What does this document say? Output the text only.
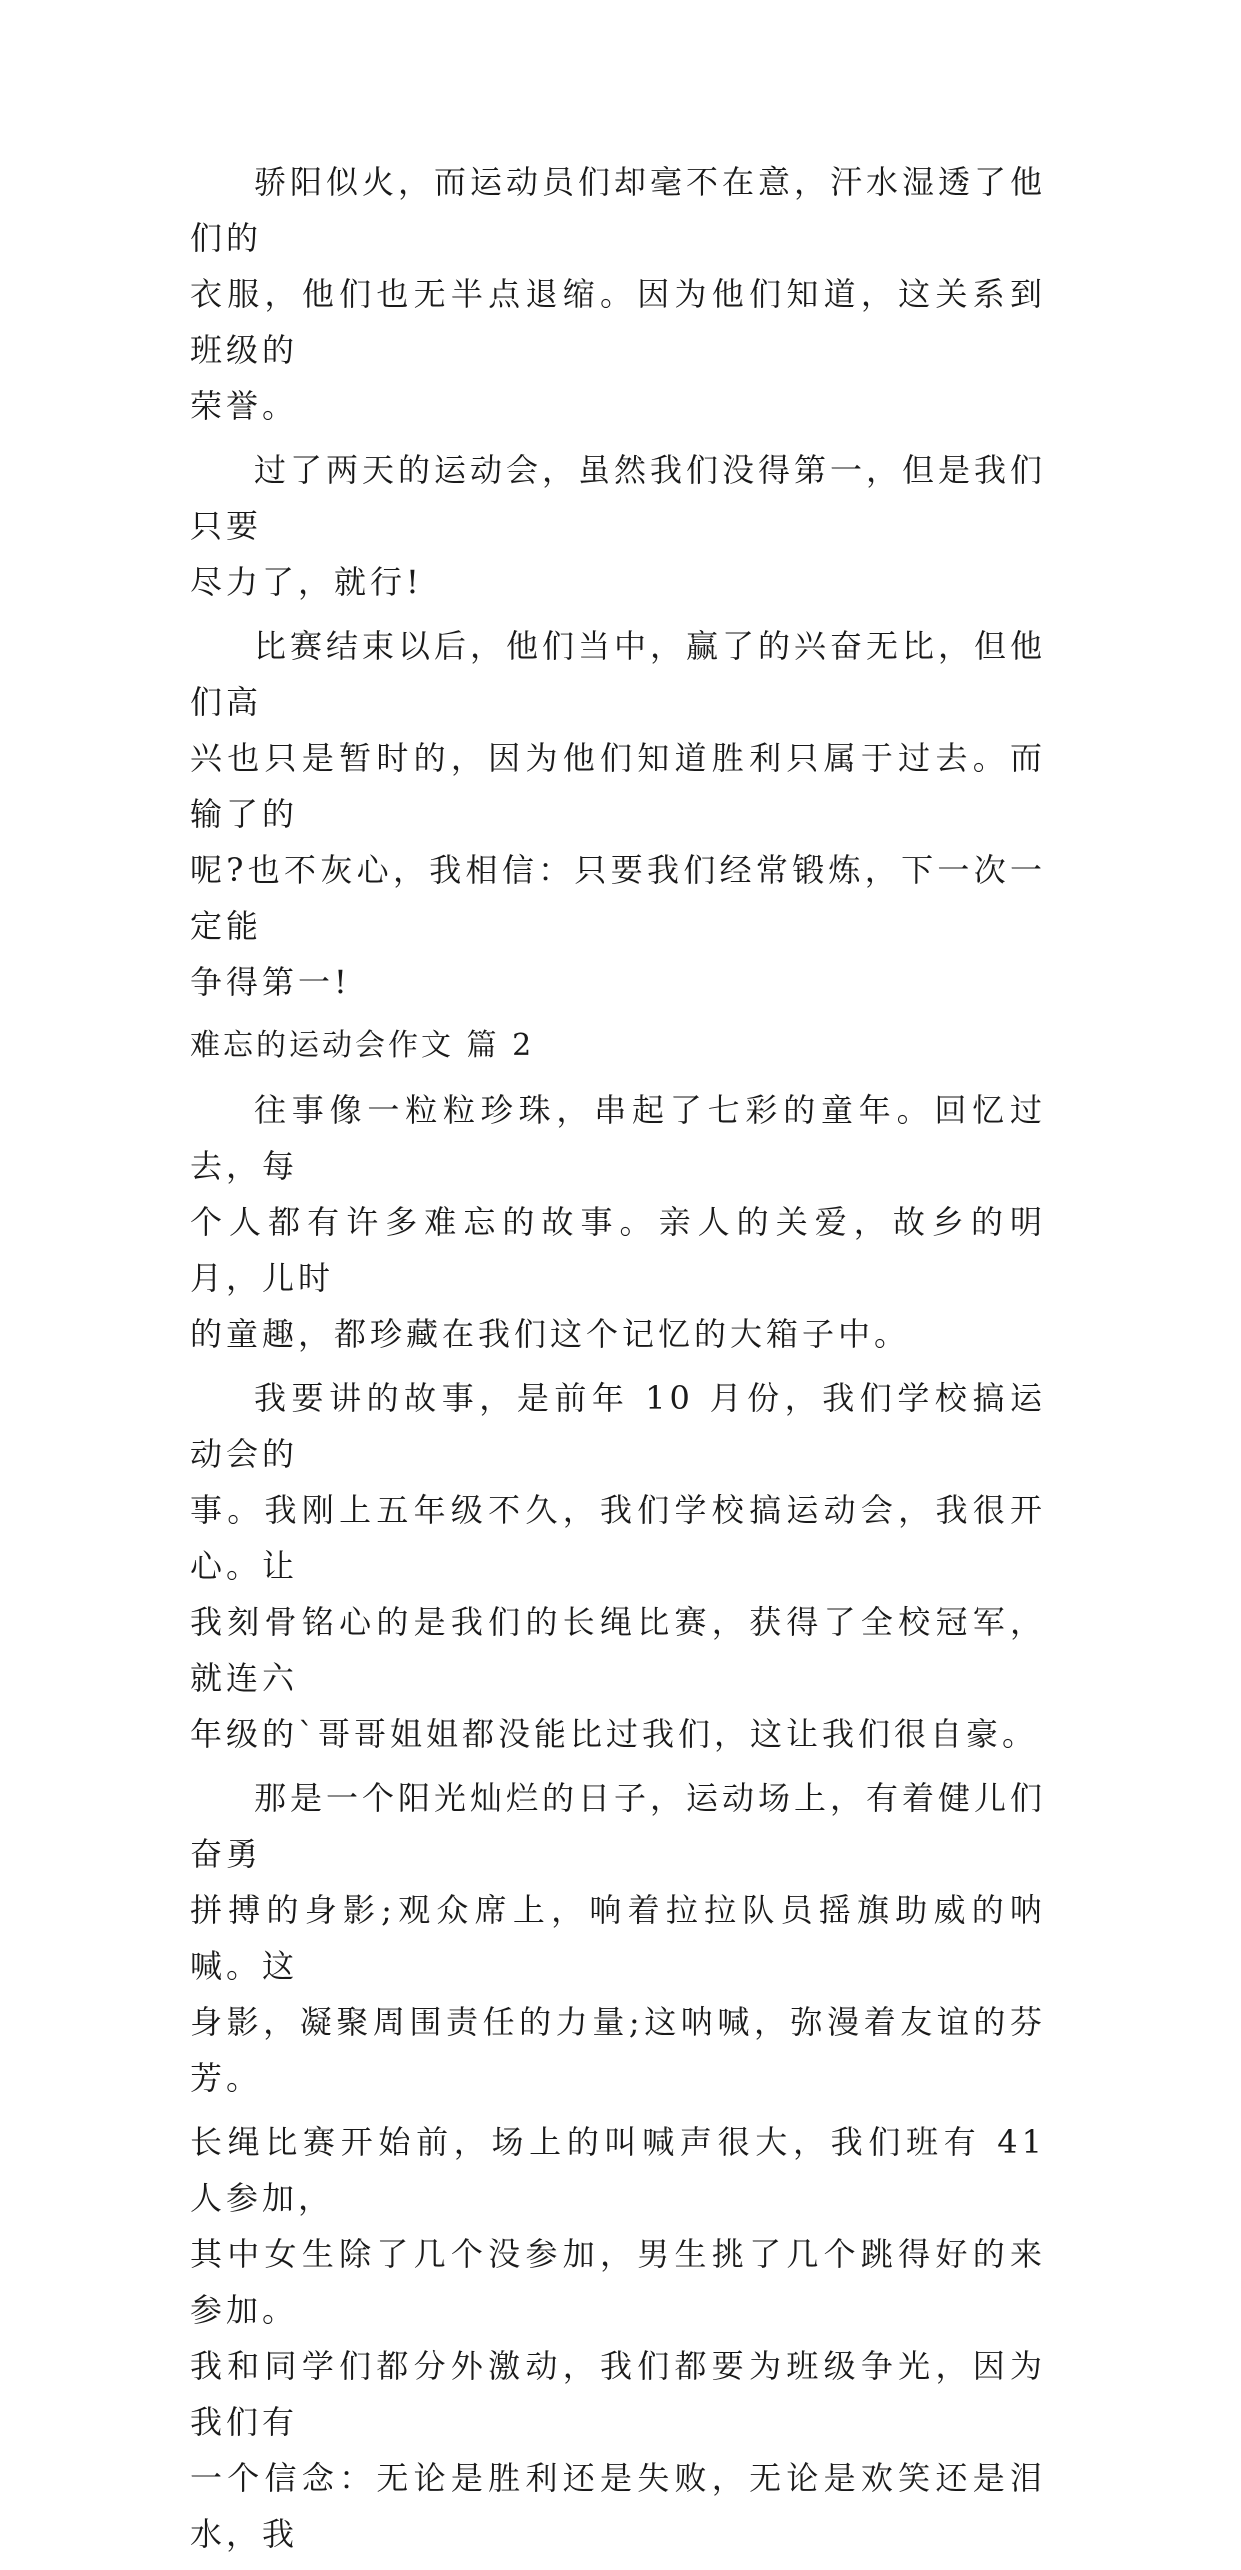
骄阳似火，而运动员们却毫不在意，汗水湿透了他们的
衣服，他们也无半点退缩。因为他们知道，这关系到班级的
荣誉。

过了两天的运动会，虽然我们没得第一，但是我们只要
尽力了，就行!

比赛结束以后，他们当中，赢了的兴奋无比，但他们高
兴也只是暂时的，因为他们知道胜利只属于过去。而输了的
呢?也不灰心，我相信：只要我们经常锻炼，下一次一定能
争得第一!

难忘的运动会作文 篇 2

往事像一粒粒珍珠，串起了七彩的童年。回忆过去，每
个人都有许多难忘的故事。亲人的关爱，故乡的明月，儿时
的童趣，都珍藏在我们这个记忆的大箱子中。

我要讲的故事，是前年 10 月份，我们学校搞运动会的
事。我刚上五年级不久，我们学校搞运动会，我很开心。让
我刻骨铭心的是我们的长绳比赛，获得了全校冠军，就连六
年级的`哥哥姐姐都没能比过我们，这让我们很自豪。

那是一个阳光灿烂的日子，运动场上，有着健儿们奋勇
拼搏的身影;观众席上，响着拉拉队员摇旗助威的呐喊。这
身影，凝聚周围责任的力量;这呐喊，弥漫着友谊的芬芳。

长绳比赛开始前，场上的叫喊声很大，我们班有 41 人参加，
其中女生除了几个没参加，男生挑了几个跳得好的来参加。
我和同学们都分外激动，我们都要为班级争光，因为我们有
一个信念：无论是胜利还是失败，无论是欢笑还是泪水，我
